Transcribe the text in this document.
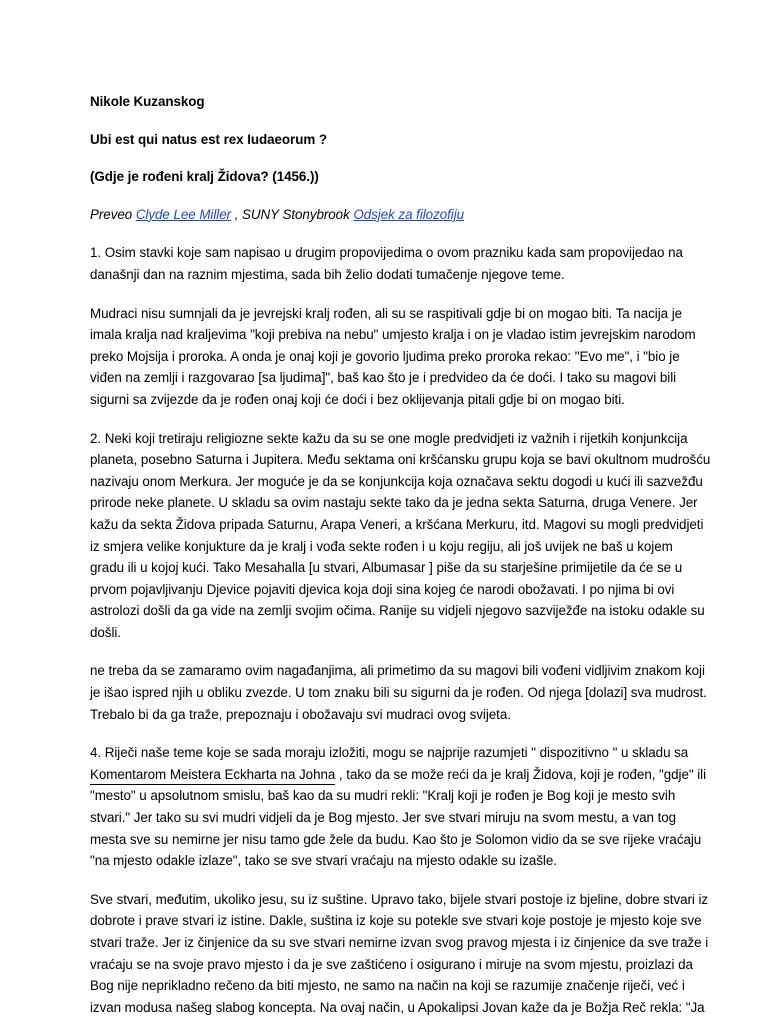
Nikole Kuzanskog

Ubi est qui natus est rex Iudaeorum ?

(Gdje je rođeni kralj Židova? (1456.))

Preveo Clyde Lee Miller , SUNY Stonybrook Odsjek za filozofiju

1. Osim stavki koje sam napisao u drugim propovijedima o ovom prazniku kada sam propovijedao na
današnji dan na raznim mjestima, sada bih želio dodati tumačenje njegove teme.

Mudraci nisu sumnjali da je jevrejski kralj rođen, ali su se raspitivali gdje bi on mogao biti. Ta nacija je
imala kralja nad kraljevima "koji prebiva na nebu" umjesto kralja i on je vladao istim jevrejskim narodom
preko Mojsija i proroka. A onda je onaj koji je govorio ljudima preko proroka rekao: "Evo me", i "bio je
viđen na zemlji i razgovarao [sa ljudima]", baš kao što je i predvideo da će doći. I tako su magovi bili
sigurni sa zvijezde da je rođen onaj koji će doći i bez oklijevanja pitali gdje bi on mogao biti.

2. Neki koji tretiraju religiozne sekte kažu da su se one mogle predvidjeti iz važnih i rijetkih konjunkcija
planeta, posebno Saturna i Jupitera. Među sektama oni kršćansku grupu koja se bavi okultnom mudrošću
nazivaju onom Merkura. Jer moguće je da se konjunkcija koja označava sektu dogodi u kući ili sazvežđu
prirode neke planete. U skladu sa ovim nastaju sekte tako da je jedna sekta Saturna, druga Venere. Jer
kažu da sekta Židova pripada Saturnu, Arapa Veneri, a kršćana Merkuru, itd. Magovi su mogli predvidjeti
iz smjera velike konjukture da je kralj i vođa sekte rođen i u koju regiju, ali još uvijek ne baš u kojem
gradu ili u kojoj kući. Tako Mesahalla [u stvari, Albumasar ] piše da su starješine primijetile da će se u
prvom pojavljivanju Djevice pojaviti djevica koja doji sina kojeg će narodi obožavati. I po njima bi ovi
astrolozi došli da ga vide na zemlji svojim očima. Ranije su vidjeli njegovo sazviježđe na istoku odakle su
došli.

ne treba da se zamaramo ovim nagađanjima, ali primetimo da su magovi bili vođeni vidljivim znakom koji
je išao ispred njih u obliku zvezde. U tom znaku bili su sigurni da je rođen. Od njega [dolazi] sva mudrost.
Trebalo bi da ga traže, prepoznaju i obožavaju svi mudraci ovog svijeta.

4. Riječi naše teme koje se sada moraju izložiti, mogu se najprije razumjeti " dispozitivno " u skladu sa
Komentarom Meistera Eckharta na Johna , tako da se može reći da je kralj Židova, koji je rođen, "gdje" ili
"mesto" u apsolutnom smislu, baš kao da su mudri rekli: "Kralj koji je rođen je Bog koji je mesto svih
stvari." Jer tako su svi mudri vidjeli da je Bog mjesto. Jer sve stvari miruju na svom mestu, a van tog
mesta sve su nemirne jer nisu tamo gde žele da budu. Kao što je Solomon vidio da se sve rijeke vraćaju
"na mjesto odakle izlaze", tako se sve stvari vraćaju na mjesto odakle su izašle.

Sve stvari, međutim, ukoliko jesu, su iz suštine. Upravo tako, bijele stvari postoje iz bjeline, dobre stvari iz
dobrote i prave stvari iz istine. Dakle, suština iz koje su potekle sve stvari koje postoje je mjesto koje sve
stvari traže. Jer iz činjenice da su sve stvari nemirne izvan svog pravog mjesta i iz činjenice da sve traže i
vraćaju se na svoje pravo mjesto i da je sve zaštićeno i osigurano i miruje na svom mjestu, proizlazi da
Bog nije neprikladno rečeno da biti mjesto, ne samo na način na koji se razumije značenje riječi, već i
izvan modusa našeg slabog koncepta. Na ovaj način, u Apokalipsi Jovan kaže da je Božja Reč rekla: "Ja
